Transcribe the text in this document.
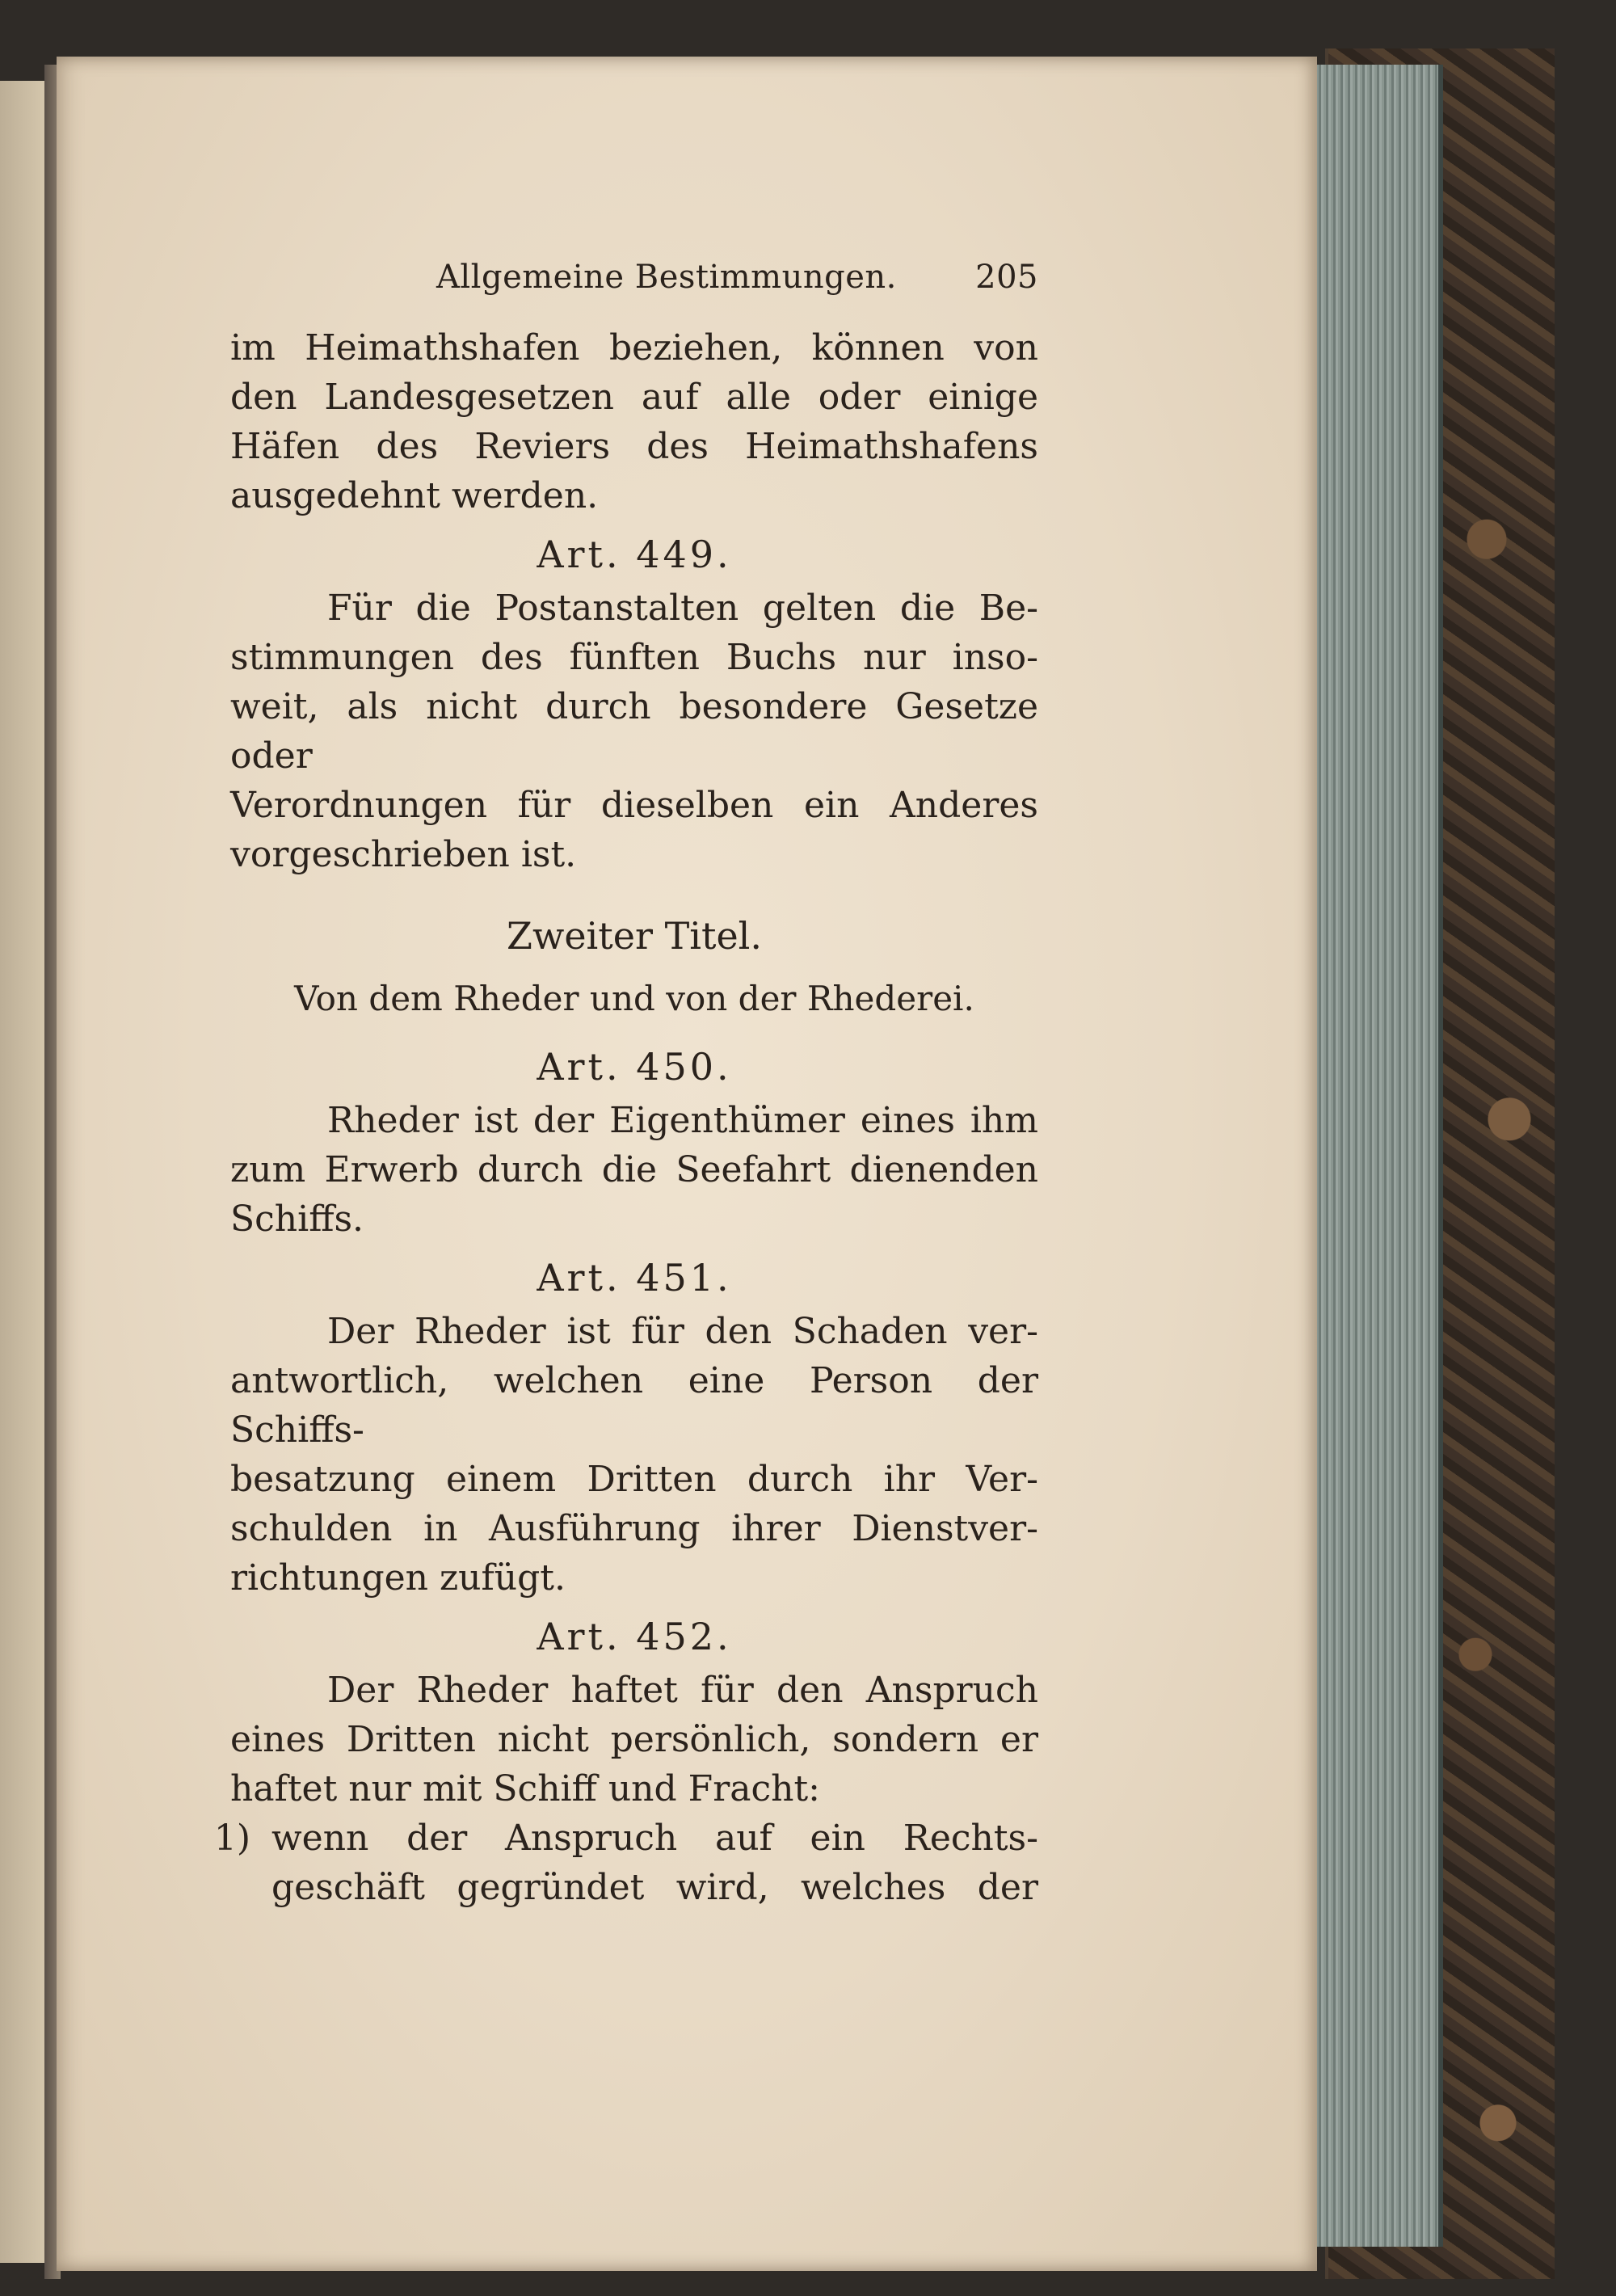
Allgemeine Bestimmungen. 205

im Heimathshafen beziehen, können von
den Landesgesetzen auf alle oder einige
Häfen des Reviers des Heimathshafens
ausgedehnt werden.

Art. 449.

Für die Postanstalten gelten die Be-
stimmungen des fünften Buchs nur inso-
weit, als nicht durch besondere Gesetze oder
Verordnungen für dieselben ein Anderes
vorgeschrieben ist.

Zweiter Titel.
Von dem Rheder und von der Rhederei.
Art. 450.

Rheder ist der Eigenthümer eines ihm
zum Erwerb durch die Seefahrt dienenden
Schiffs.

Art. 451.

Der Rheder ist für den Schaden ver-
antwortlich, welchen eine Person der Schiffs-
besatzung einem Dritten durch ihr Ver-
schulden in Ausführung ihrer Dienstver-
richtungen zufügt.

Art. 452.

Der Rheder haftet für den Anspruch
eines Dritten nicht persönlich, sondern er
haftet nur mit Schiff und Fracht:

1) wenn der Anspruch auf ein Rechts-
geschäft gegründet wird, welches der
